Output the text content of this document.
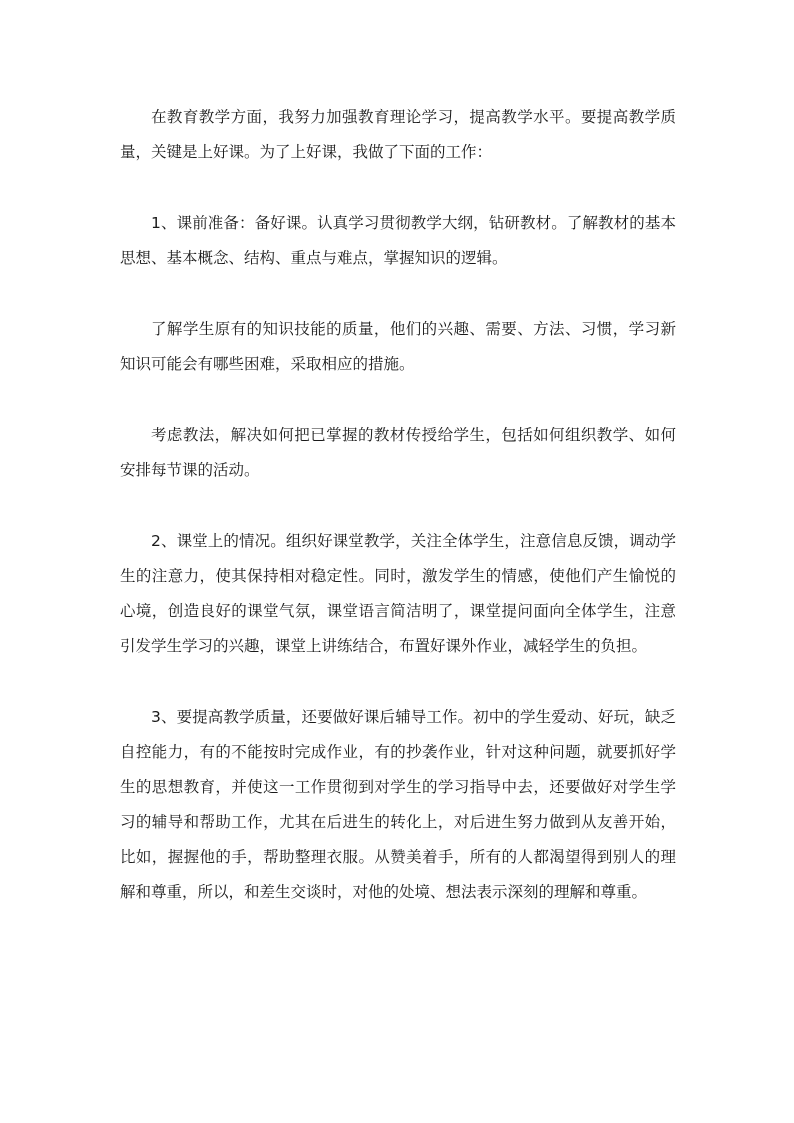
在教育教学方面，我努力加强教育理论学习，提高教学水平。要提高教学质量，关键是上好课。为了上好课，我做了下面的工作：

1、课前准备：备好课。认真学习贯彻教学大纲，钻研教材。了解教材的基本思想、基本概念、结构、重点与难点，掌握知识的逻辑。

了解学生原有的知识技能的质量，他们的兴趣、需要、方法、习惯，学习新知识可能会有哪些困难，采取相应的措施。

考虑教法，解决如何把已掌握的教材传授给学生，包括如何组织教学、如何安排每节课的活动。

2、课堂上的情况。组织好课堂教学，关注全体学生，注意信息反馈，调动学生的注意力，使其保持相对稳定性。同时，激发学生的情感，使他们产生愉悦的心境，创造良好的课堂气氛，课堂语言简洁明了，课堂提问面向全体学生，注意引发学生学习的兴趣，课堂上讲练结合，布置好课外作业，减轻学生的负担。

3、要提高教学质量，还要做好课后辅导工作。初中的学生爱动、好玩，缺乏自控能力，有的不能按时完成作业，有的抄袭作业，针对这种问题，就要抓好学生的思想教育，并使这一工作贯彻到对学生的学习指导中去，还要做好对学生学习的辅导和帮助工作，尤其在后进生的转化上，对后进生努力做到从友善开始，比如，握握他的手，帮助整理衣服。从赞美着手，所有的人都渴望得到别人的理解和尊重，所以，和差生交谈时，对他的处境、想法表示深刻的理解和尊重。
